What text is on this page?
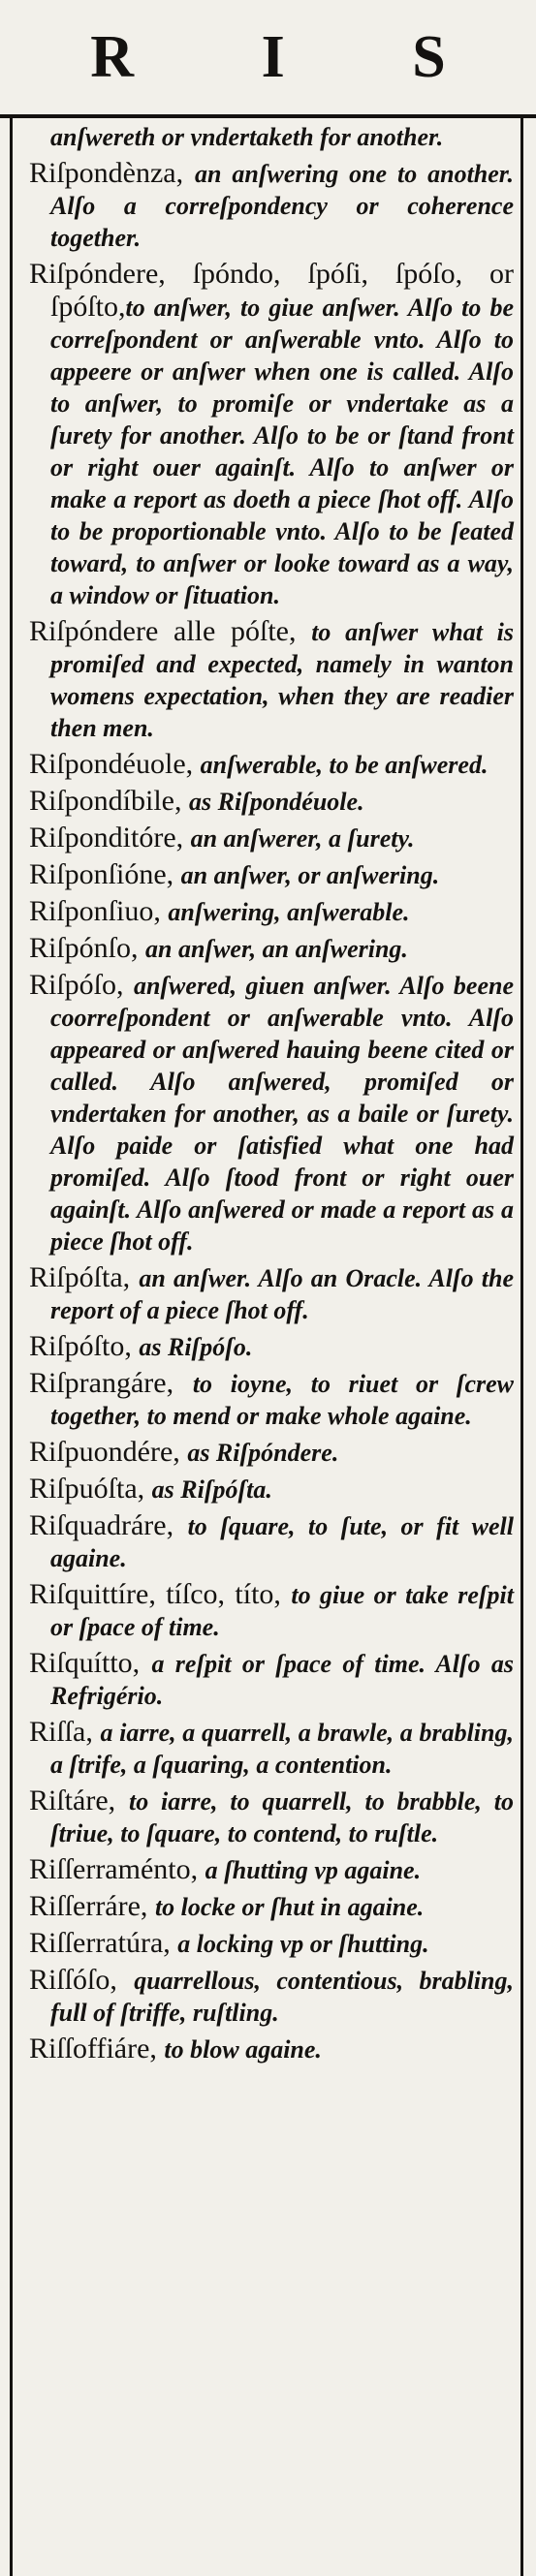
R I S
anſwereth or vndertaketh for another.
Riſpondènza, an anſwering one to another. Alſo a correſpondency or coherence together.
Riſpóndere, ſpóndo, ſpóſi, ſpóſo, or ſpóſto,to anſwer, to giue anſwer. Alſo to be correſpondent or anſwerable vnto. Alſo to appeere or anſwer when one is called. Alſo to anſwer, to promiſe or vndertake as a ſurety for another. Alſo to be or ſtand front or right ouer againſt. Alſo to anſwer or make a report as doeth a piece ſhot off. Alſo to be proportionable vnto. Alſo to be ſeated toward, to anſwer or looke toward as a way, a window or ſituation.
Riſpóndere alle póſte, to anſwer what is promiſed and expected, namely in wanton womens expectation, when they are readier then men.
Riſpondéuole, anſwerable, to be anſwered.
Riſpondíbile, as Riſpondéuole.
Riſponditóre, an anſwerer, a ſurety.
Riſponſióne, an anſwer, or anſwering.
Riſponſiuo, anſwering, anſwerable.
Riſpónſo, an anſwer, an anſwering.
Riſpóſo, anſwered, giuen anſwer. Alſo beene coorreſpondent or anſwerable vnto. Alſo appeared or anſwered hauing beene cited or called. Alſo anſwered, promiſed or vndertaken for another, as a baile or ſurety. Alſo paide or ſatisfied what one had promiſed. Alſo ſtood front or right ouer againſt. Alſo anſwered or made a report as a piece ſhot off.
Riſpóſta, an anſwer. Alſo an Oracle. Alſo the report of a piece ſhot off.
Riſpóſto, as Riſpóſo.
Riſprangáre, to ioyne, to riuet or ſcrew together, to mend or make whole againe.
Riſpuondére, as Riſpóndere.
Riſpuóſta, as Riſpóſta.
Riſquadráre, to ſquare, to ſute, or fit well againe.
Riſquittíre, tíſco, títo, to giue or take reſpit or ſpace of time.
Riſquítto, a reſpit or ſpace of time. Alſo as Refrigério.
Riſſa, a iarre, a quarrell, a brawle, a brabling, a ſtrife, a ſquaring, a contention.
Riſtáre, to iarre, to quarrell, to brabble, to ſtriue, to ſquare, to contend, to ruſtle.
Riſſerraménto, a ſhutting vp againe.
Riſſerráre, to locke or ſhut in againe.
Riſſerratúra, a locking vp or ſhutting.
Riſſóſo, quarrellous, contentious, brabling, full of ſtriffe, ruſtling.
Riſſoffiáre, to blow againe.
